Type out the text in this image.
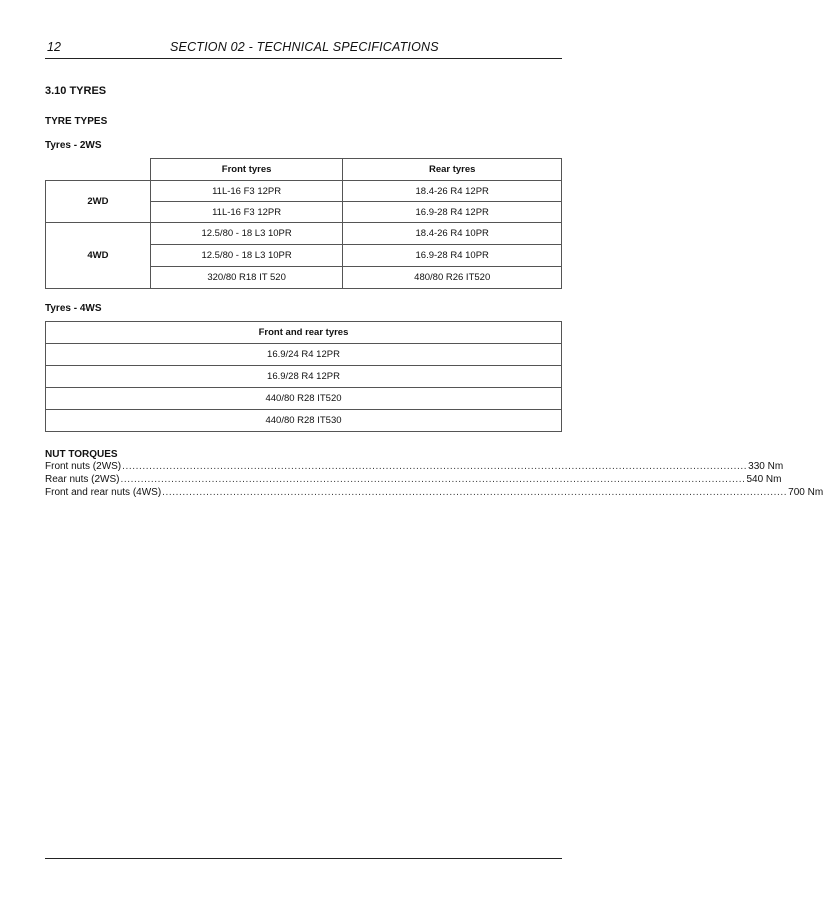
12	SECTION 02 - TECHNICAL SPECIFICATIONS
3.10 TYRES
TYRE TYPES
Tyres - 2WS
	Front tyres	Rear tyres
2WD	11L-16 F3 12PR	18.4-26 R4 12PR
	11L-16 F3 12PR	16.9-28 R4 12PR
4WD	12.5/80 - 18 L3 10PR	18.4-26 R4 10PR
	12.5/80 - 18 L3 10PR	16.9-28 R4 10PR
	320/80 R18 IT 520	480/80 R26 IT520
Tyres - 4WS
Front and rear tyres
16.9/24 R4 12PR
16.9/28 R4 12PR
440/80 R28 IT520
440/80 R28 IT530
NUT TORQUES
Front nuts (2WS) ......................................................................................................................................................................................... 330 Nm
Rear nuts (2WS) ......................................................................................................................................................................................... 540 Nm
Front and rear nuts (4WS) ......................................................................................................................................................................................... 700 Nm
